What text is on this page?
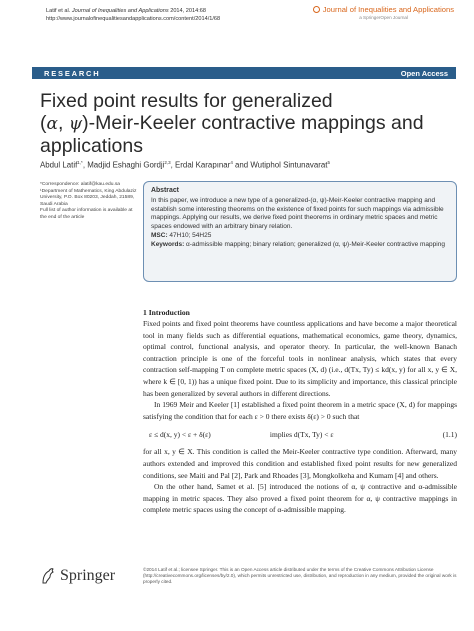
Latif et al. Journal of Inequalities and Applications 2014, 2014:68
http://www.journalofinequalitiesandapplications.com/content/2014/1/68
Journal of Inequalities and Applications
a SpringerOpen Journal
RESEARCH	Open Access
Fixed point results for generalized
(α, ψ)-Meir-Keeler contractive mappings and
applications
Abdul Latif$^{1,*}$, Madjid Eshaghi Gordji$^{2,3}$, Erdal Karapınar$^4$ and Wutiphol Sintunavarat$^5$
*Correspondence: alatif@kau.edu.sa
¹Department of Mathematics, King Abdulaziz University, P.O. Box 80203, Jeddah, 21589, Saudi Arabia
Full list of author information is available at the end of the article
Abstract

In this paper, we introduce a new type of a generalized-(α, ψ)-Meir-Keeler contractive mapping and establish some interesting theorems on the existence of fixed points for such mappings via admissible mappings. Applying our results, we derive fixed point theorems in ordinary metric spaces and metric spaces endowed with an arbitrary binary relation.

MSC: 47H10; 54H25

Keywords: α-admissible mapping; binary relation; generalized (α, ψ)-Meir-Keeler contractive mapping

1 Introduction

Fixed points and fixed point theorems have countless applications and have become a major theoretical tool in many fields such as differential equations, mathematical economics, game theory, dynamics, optimal control, functional analysis, and operator theory. In particular, the well-known Banach contraction principle is one of the forceful tools in nonlinear analysis, which states that every contraction self-mapping T on complete metric spaces (X, d) (i.e., d(Tx, Ty) ≤ kd(x, y) for all x, y ∈ X, where k ∈ [0, 1)) has a unique fixed point. Due to its simplicity and importance, this classical principle has been generalized by several authors in different directions.

In 1969 Meir and Keeler [1] established a fixed point theorem in a metric space (X, d) for mappings satisfying the condition that for each ε > 0 there exists δ(ε) > 0 such that

ε ≤ d(x, y) < ε + δ(ε)	implies d(Tx, Ty) < ε	(1.1)

for all x, y ∈ X. This condition is called the Meir-Keeler contractive type condition. Afterward, many authors extended and improved this condition and established fixed point results for new generalized conditions, see Maiti and Pal [2], Park and Rhoades [3], Mongkolkeha and Kumam [4] and others.

On the other hand, Samet et al. [5] introduced the notions of α, ψ contractive and α-admissible mapping in metric spaces. They also proved a fixed point theorem for α, ψ contractive mappings in complete metric spaces using the concept of α-admissible mapping.

Springer	©2014 Latif et al.; licensee Springer. This is an Open Access article distributed under the terms of the Creative Commons Attribution License (http://creativecommons.org/licenses/by/2.0), which permits unrestricted use, distribution, and reproduction in any medium, provided the original work is properly cited.
